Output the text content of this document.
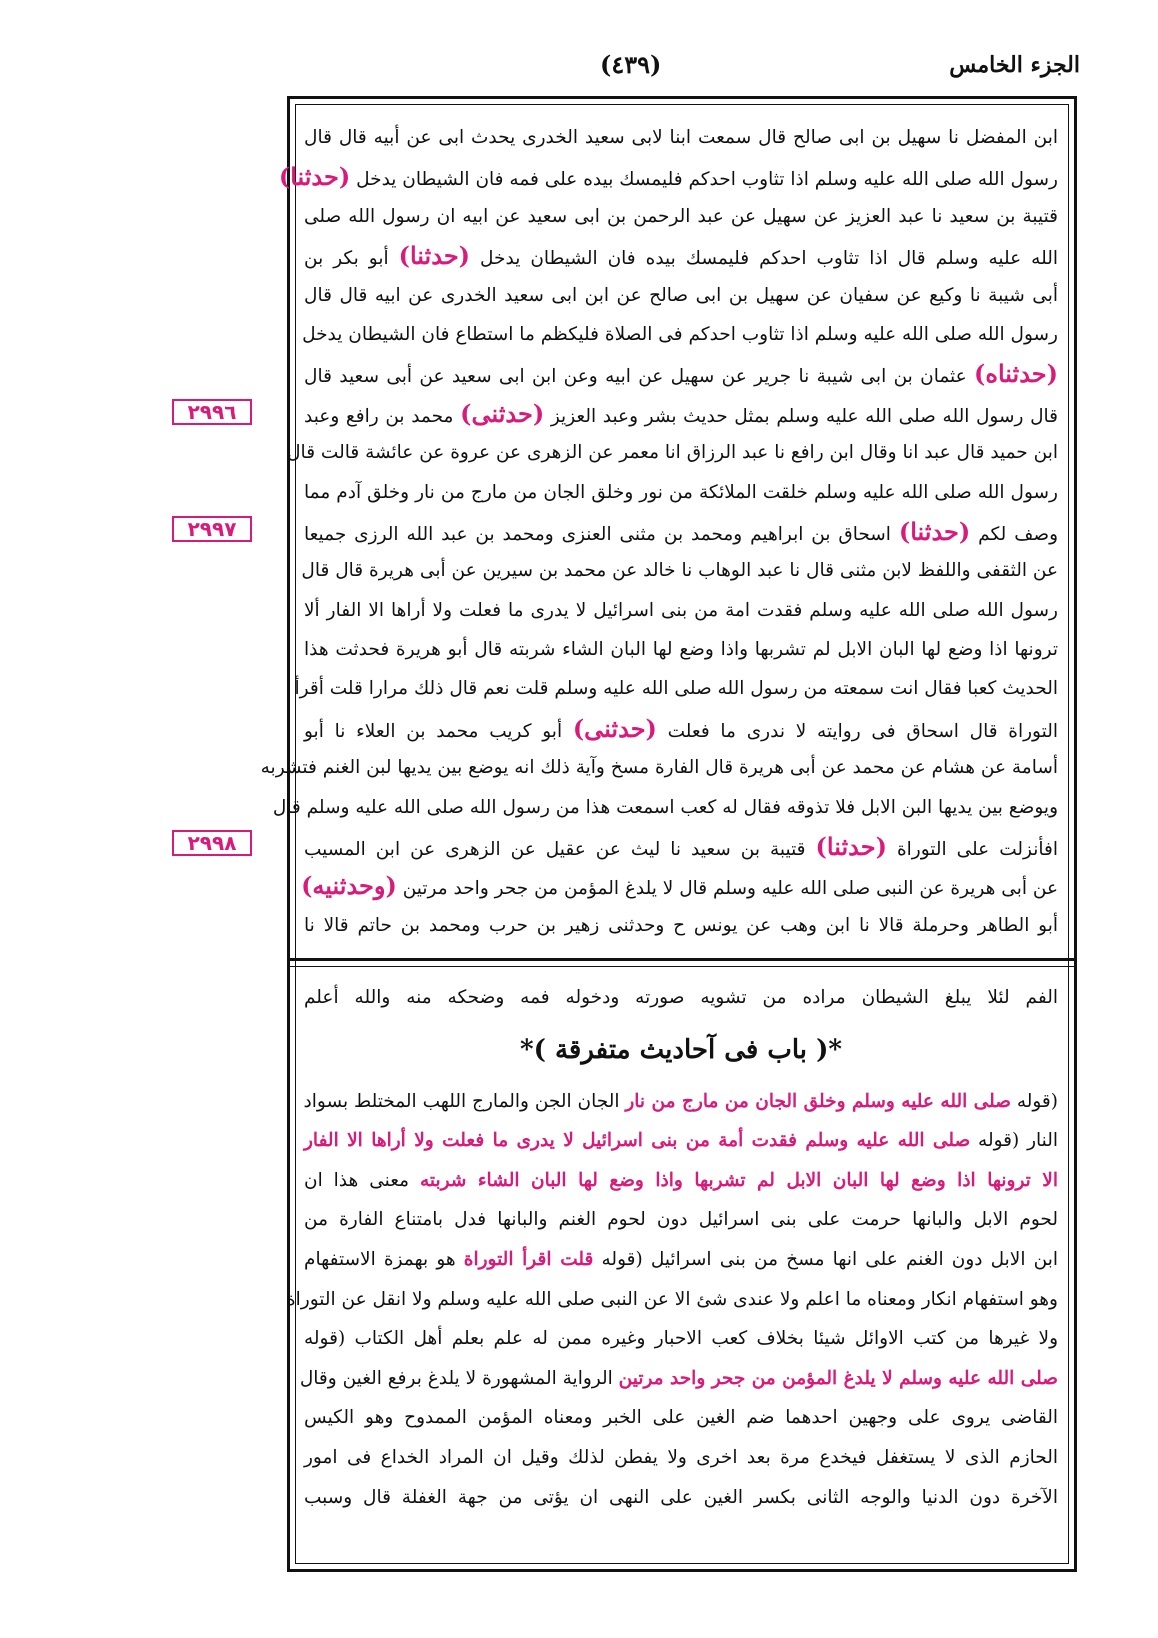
الجزء الخامس
(٤٣٩)
٢٩٩٦
٢٩٩٧
٢٩٩٨
ابن المفضل نا سهيل بن ابى صالح قال سمعت ابنا لابى سعيد الخدرى يحدث ابى عن أبيه قال قال
رسول الله صلى الله عليه وسلم اذا تثاوب احدكم فليمسك بيده على فمه فان الشيطان يدخل (حدثنا)
قتيبة بن سعيد نا عبد العزيز عن سهيل عن عبد الرحمن بن ابى سعيد عن ابيه ان رسول الله صلى
الله عليه وسلم قال اذا تثاوب احدكم فليمسك بيده فان الشيطان يدخل (حدثنا) أبو بكر بن
أبى شيبة نا وكيع عن سفيان عن سهيل بن ابى صالح عن ابن ابى سعيد الخدرى عن ابيه قال قال
رسول الله صلى الله عليه وسلم اذا تثاوب احدكم فى الصلاة فليكظم ما استطاع فان الشيطان يدخل
(حدثناه) عثمان بن ابى شيبة نا جرير عن سهيل عن ابيه وعن ابن ابى سعيد عن أبى سعيد قال
قال رسول الله صلى الله عليه وسلم بمثل حديث بشر وعبد العزيز (حدثنى) محمد بن رافع وعبد
ابن حميد قال عبد انا وقال ابن رافع نا عبد الرزاق انا معمر عن الزهرى عن عروة عن عائشة قالت قال
رسول الله صلى الله عليه وسلم خلقت الملائكة من نور وخلق الجان من مارج من نار وخلق آدم مما
وصف لكم (حدثنا) اسحاق بن ابراهيم ومحمد بن مثنى العنزى ومحمد بن عبد الله الرزى جميعا
عن الثقفى واللفظ لابن مثنى قال نا عبد الوهاب نا خالد عن محمد بن سيرين عن أبى هريرة قال قال
رسول الله صلى الله عليه وسلم فقدت امة من بنى اسرائيل لا يدرى ما فعلت ولا أراها الا الفار ألا
ترونها اذا وضع لها البان الابل لم تشربها واذا وضع لها البان الشاء شربته قال أبو هريرة فحدثت هذا
الحديث كعبا فقال انت سمعته من رسول الله صلى الله عليه وسلم قلت نعم قال ذلك مرارا قلت أقرأ
التوراة قال اسحاق فى روايته لا ندرى ما فعلت (حدثنى) أبو كريب محمد بن العلاء نا أبو
أسامة عن هشام عن محمد عن أبى هريرة قال الفارة مسخ وآية ذلك انه يوضع بين يديها لبن الغنم فتشربه
ويوضع بين يديها البن الابل فلا تذوقه فقال له كعب اسمعت هذا من رسول الله صلى الله عليه وسلم قال
افأنزلت على التوراة (حدثنا) قتيبة بن سعيد نا ليث عن عقيل عن الزهرى عن ابن المسيب
عن أبى هريرة عن النبى صلى الله عليه وسلم قال لا يلدغ المؤمن من جحر واحد مرتين (وحدثنيه)
أبو الطاهر وحرملة قالا نا ابن وهب عن يونس ح وحدثنى زهير بن حرب ومحمد بن حاتم قالا نا
الفم لئلا يبلغ الشيطان مراده من تشويه صورته ودخوله فمه وضحكه منه والله أعلم
*( باب فى آحاديث متفرقة )*
(قوله صلى الله عليه وسلم وخلق الجان من مارج من نار الجان الجن والمارج اللهب المختلط بسواد
النار (قوله صلى الله عليه وسلم فقدت أمة من بنى اسرائيل لا يدرى ما فعلت ولا أراها الا الفار
الا ترونها اذا وضع لها البان الابل لم تشربها واذا وضع لها البان الشاء شربته معنى هذا ان
لحوم الابل والبانها حرمت على بنى اسرائيل دون لحوم الغنم والبانها فدل بامتناع الفارة من
ابن الابل دون الغنم على انها مسخ من بنى اسرائيل (قوله قلت اقرأ التوراة هو بهمزة الاستفهام
وهو استفهام انكار ومعناه ما اعلم ولا عندى شئ الا عن النبى صلى الله عليه وسلم ولا انقل عن التوراة
ولا غيرها من كتب الاوائل شيئا بخلاف كعب الاحبار وغيره ممن له علم بعلم أهل الكتاب (قوله
صلى الله عليه وسلم لا يلدغ المؤمن من جحر واحد مرتين الرواية المشهورة لا يلدغ برفع الغين وقال
القاضى يروى على وجهين احدهما ضم الغين على الخبر ومعناه المؤمن الممدوح وهو الكيس
الحازم الذى لا يستغفل فيخدع مرة بعد اخرى ولا يفطن لذلك وقيل ان المراد الخداع فى امور
الآخرة دون الدنيا والوجه الثانى بكسر الغين على النهى ان يؤتى من جهة الغفلة قال وسبب
